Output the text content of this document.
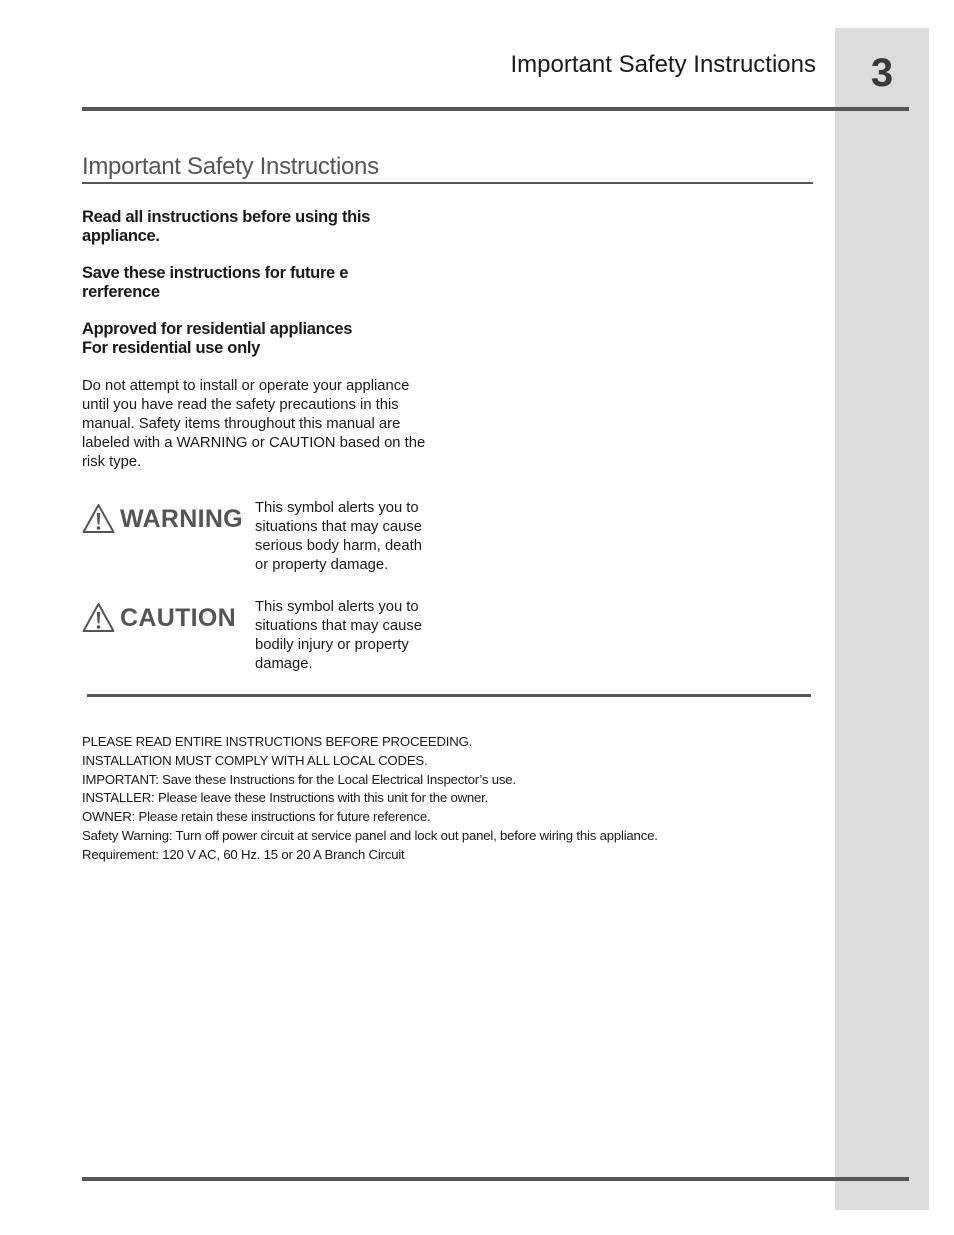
3
Important Safety Instructions
Important Safety Instructions
Read all instructions before using this
appliance.
Save these instructions for future e
rerference
Approved for residential appliances
For residential use only
Do not attempt to install or operate your appliance
until you have read the safety precautions in this
manual. Safety items throughout this manual are
labeled with a WARNING or CAUTION based on the
risk type.
WARNING This symbol alerts you to
situations that may cause
serious body harm, death
or property damage.
CAUTION This symbol alerts you to
situations that may cause
bodily injury or property
damage.
PLEASE READ ENTIRE INSTRUCTIONS BEFORE PROCEEDING.
INSTALLATION MUST COMPLY WITH ALL LOCAL CODES.
IMPORTANT: Save these Instructions for the Local Electrical Inspector’s use.
INSTALLER: Please leave these Instructions with this unit for the owner.
OWNER: Please retain these instructions for future reference.
Safety Warning: Turn off power circuit at service panel and lock out panel, before wiring this appliance.
Requirement: 120 V AC, 60 Hz. 15 or 20 A Branch Circuit
